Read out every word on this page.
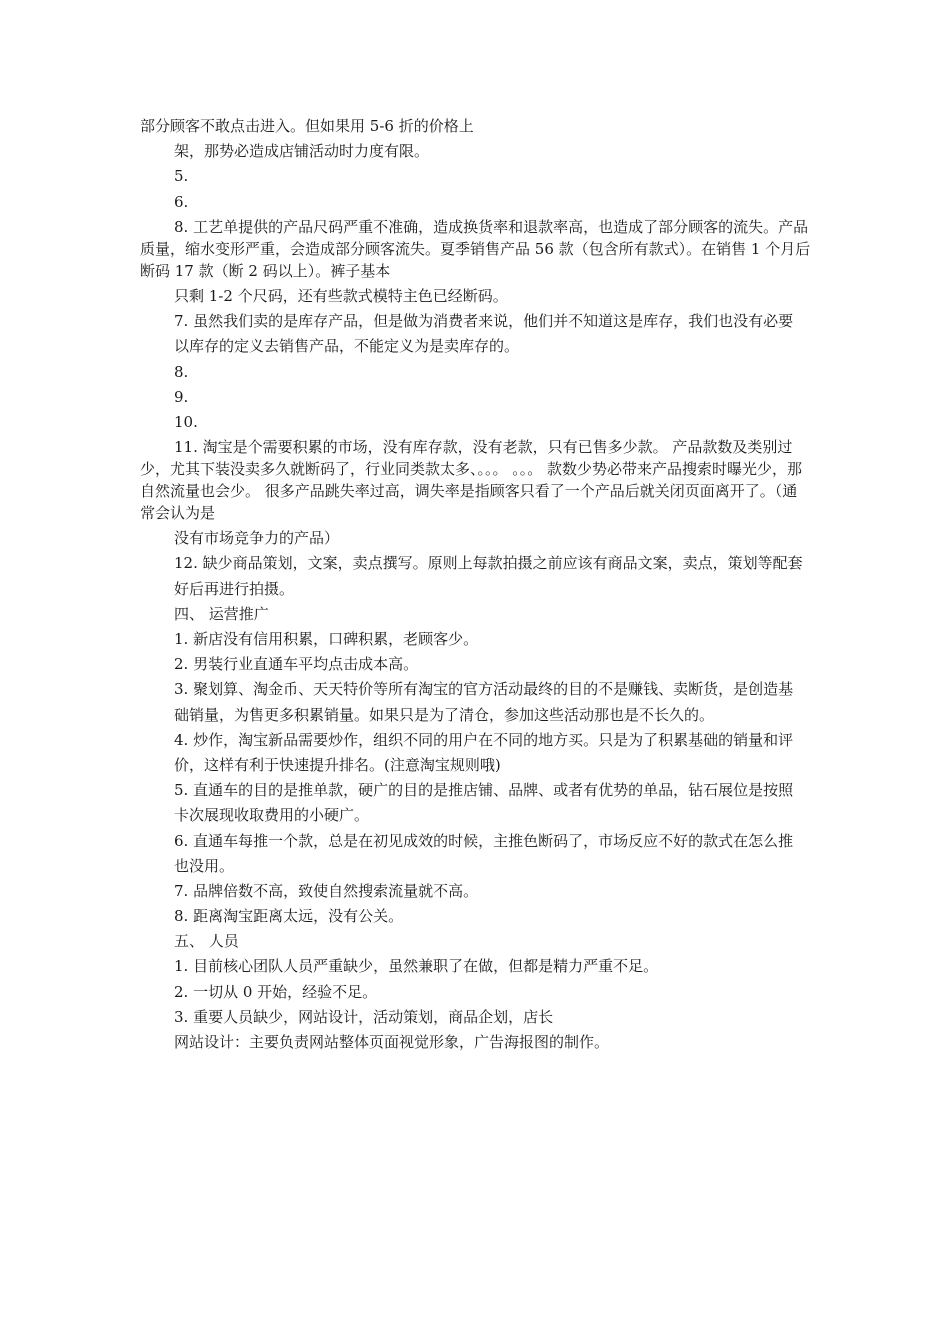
部分顾客不敢点击进入。但如果用 5-6 折的价格上

架，那势必造成店铺活动时力度有限。

5.

6.

8. 工艺单提供的产品尺码严重不准确，造成换货率和退款率高，也造成了部分顾客的流失。产品质量，缩水变形严重，会造成部分顾客流失。夏季销售产品 56 款（包含所有款式）。在销售 1 个月后断码 17 款（断 2 码以上）。裤子基本

只剩 1-2 个尺码，还有些款式模特主色已经断码。

7. 虽然我们卖的是库存产品，但是做为消费者来说，他们并不知道这是库存，我们也没有必要

以库存的定义去销售产品，不能定义为是卖库存的。

8.

9.

10.

11. 淘宝是个需要积累的市场，没有库存款，没有老款，只有已售多少款。 产品款数及类别过少，尤其下装没卖多久就断码了，行业同类款太多、。。。 。。。 款数少势必带来产品搜索时曝光少，那自然流量也会少。 很多产品跳失率过高，调失率是指顾客只看了一个产品后就关闭页面离开了。（通常会认为是

没有市场竞争力的产品）

12. 缺少商品策划，文案，卖点撰写。原则上每款拍摄之前应该有商品文案，卖点，策划等配套

好后再进行拍摄。

四、 运营推广

1. 新店没有信用积累，口碑积累，老顾客少。

2. 男装行业直通车平均点击成本高。

3. 聚划算、淘金币、天天特价等所有淘宝的官方活动最终的目的不是赚钱、卖断货，是创造基

础销量，为售更多积累销量。如果只是为了清仓，参加这些活动那也是不长久的。

4. 炒作，淘宝新品需要炒作，组织不同的用户在不同的地方买。只是为了积累基础的销量和评

价，这样有利于快速提升排名。(注意淘宝规则哦)

5. 直通车的目的是推单款，硬广的目的是推店铺、品牌、或者有优势的单品，钻石展位是按照

卡次展现收取费用的小硬广。

6. 直通车每推一个款，总是在初见成效的时候，主推色断码了，市场反应不好的款式在怎么推

也没用。

7. 品牌倍数不高，致使自然搜索流量就不高。

8. 距离淘宝距离太远，没有公关。

五、 人员

1. 目前核心团队人员严重缺少，虽然兼职了在做，但都是精力严重不足。

2. 一切从 0 开始，经验不足。

3. 重要人员缺少，网站设计，活动策划，商品企划，店长

网站设计：主要负责网站整体页面视觉形象，广告海报图的制作。
